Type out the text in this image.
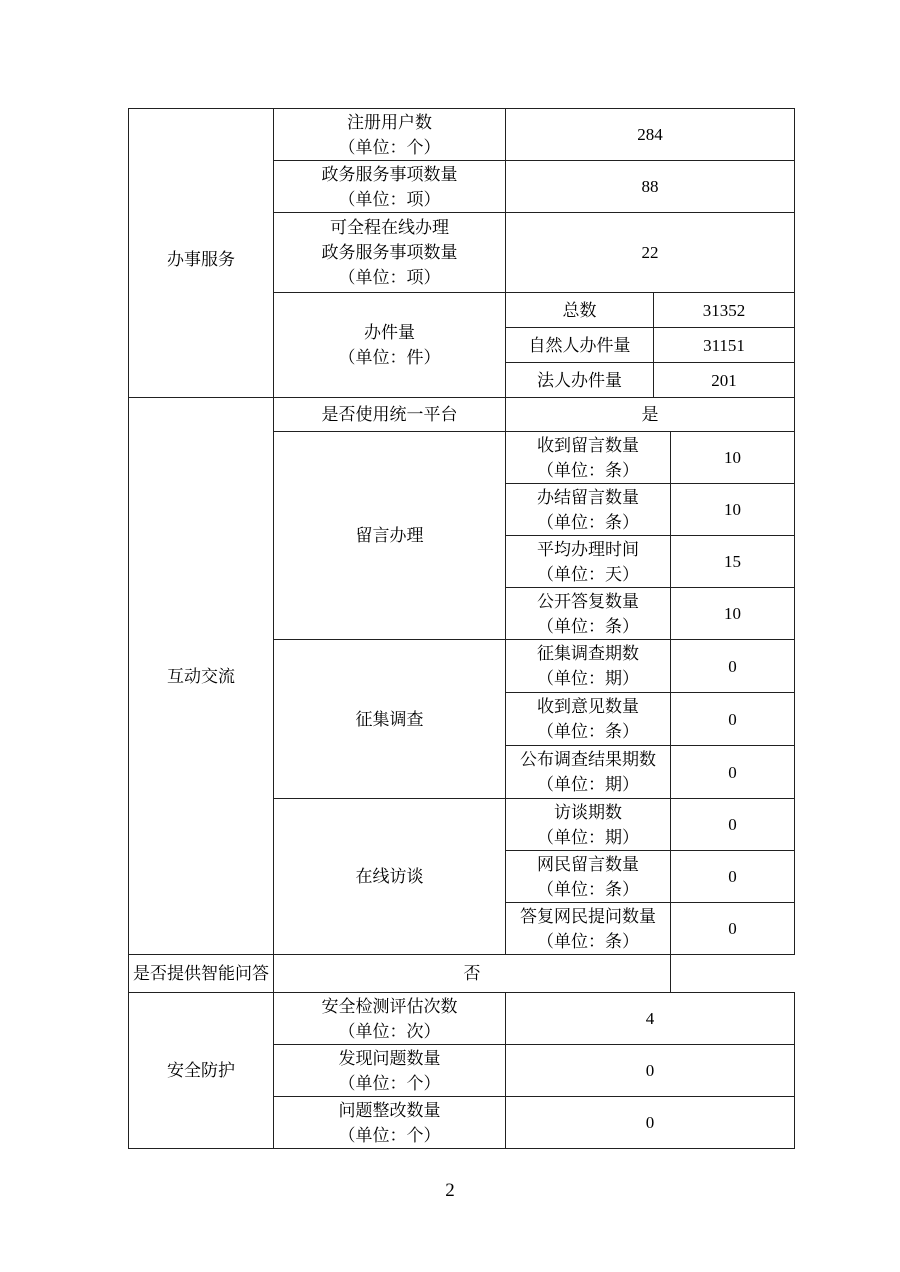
办事服务	注册用户数
（单位：个）	284	

	政务服务事项数量
（单位：项）	88	

	可全程在线办理
政务服务事项数量
（单位：项）	22	

	办件量
（单位：件）	总数	31352
		自然人办件量	31151
		法人办件量	201
互动交流	是否使用统一平台	是	

	留言办理	收到留言数量
（单位：条）	10

		办结留言数量
（单位：条）	10

		平均办理时间
（单位：天）	15

		公开答复数量
（单位：条）	10

	征集调查	征集调查期数
（单位：期）	0

		收到意见数量
（单位：条）	0

		公布调查结果期数
（单位：期）	0

	在线访谈	访谈期数
（单位：期）	0

		网民留言数量
（单位：条）	0

		答复网民提问数量
（单位：条）	0
是否提供智能问答	否		
安全防护	安全检测评估次数
（单位：次）	4

	发现问题数量
（单位：个）	0

	问题整改数量
（单位：个）	0
2
